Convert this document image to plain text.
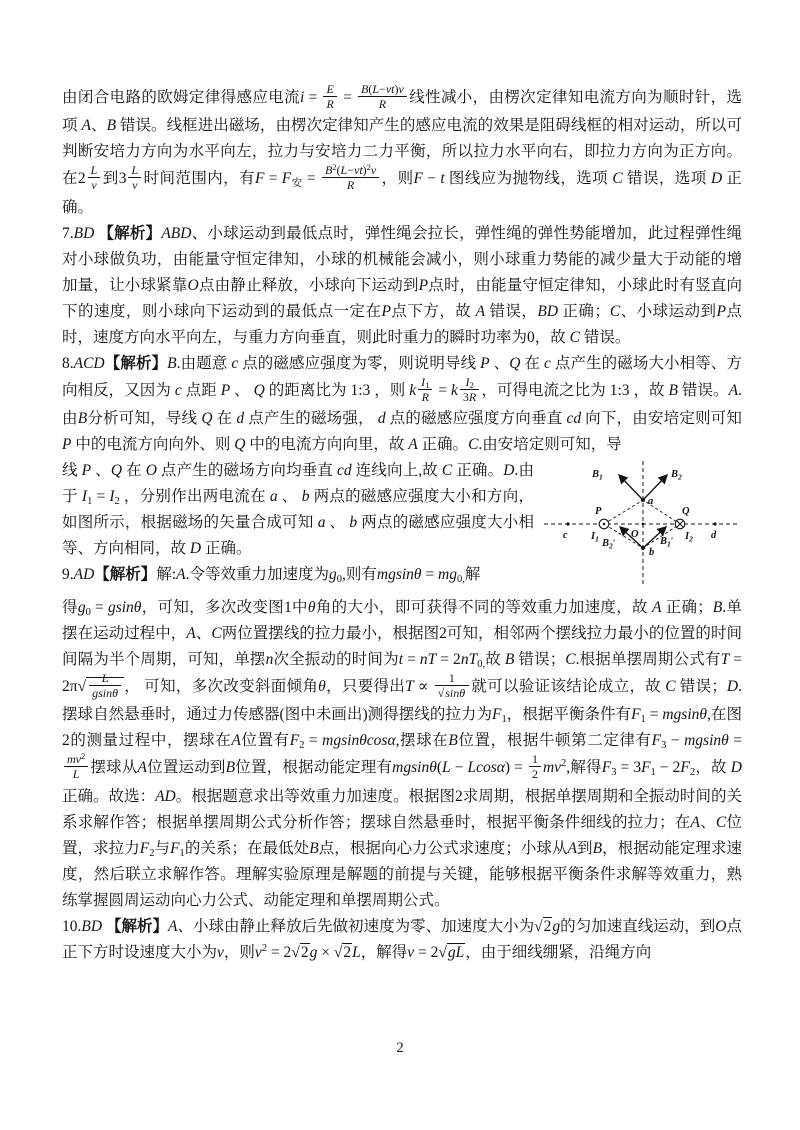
由闭合电路的欧姆定律得感应电流$i = \frac{E}{R} = \frac{B(L-vt)v}{R}$ 线性减小，由楞次定律知电流方向为顺时针，选项 A、B 错误。线框进出磁场，由楞次定律知产生的感应电流的效果是阻碍线框的相对运动，所以可判断安培力方向为水平向左，拉力与安培力二力平衡，所以拉力水平向右，即拉力方向为正方向。在$2 \frac{L}{v}$ 到$3 \frac{L}{v}$ 时间范围内，有$F = F_安 = \frac{B^2(L-vt)^2v}{R}$ ，则F − t 图线应为抛物线，选项 C 错误，选项 D 正确。

7.BD 【解析】ABD、小球运动到最低点时，弹性绳会拉长，弹性绳的弹性势能增加，此过程弹性绳对小球做负功，由能量守恒定律知，小球的机械能会减小，则小球重力势能的减少量大于动能的增加量，让小球紧靠O点由静止释放，小球向下运动到P点时，由能量守恒定律知，小球此时有竖直向下的速度，则小球向下运动到的最低点一定在P点下方，故 A 错误，BD 正确；C、小球运动到P点时，速度方向水平向左，与重力方向垂直，则此时重力的瞬时功率为0，故 C 错误。

8.ACD【解析】B.由题意 c 点的磁感应强度为零，则说明导线 P 、Q 在 c 点产生的磁场大小相等、方向相反，又因为 c 点距 P 、 Q 的距离比为 1:3 ，则 k $\frac{I_1}{R} = k \frac{I_2}{3R}$ ，可得电流之比为 1:3 ，故 B 错误。A.由B分析可知，导线 Q 在 d 点产生的磁场强， d 点的磁感应强度方向垂直 cd 向下，由安培定则可知 P 中的电流方向向外、则 Q 中的电流方向向里，故 A 正确。C.由安培定则可知，导

线 P 、Q 在 O 点产生的磁场方向均垂直 cd 连线向上,故 C 正确。D.由于 $I_1 = I_2$ ，分别作出两电流在 a 、 b 两点的磁感应强度大小和方向，如图所示，根据磁场的矢量合成可知 a 、 b 两点的磁感应强度大小相等、方向相同，故 D 正确。

9.AD【解析】解:A.令等效重力加速度为$g_0$,则有$mgsin\theta = mg_{0,}$解

$B_1$	$B_2$
a
b
O
P	Q
c	d
$I_1$	$I_2$
$B_2'$	$B_1'$

得$g_0 = gsin\theta$，可知，多次改变图1中θ角的大小，即可获得不同的等效重力加速度，故 A 正确；B.单摆在运动过程中，A、C两位置摆线的拉力最小，根据图2可知，相邻两个摆线拉力最小的位置的时间间隔为半个周期，可知，单摆n次全振动的时间为t = nT = $2nT_{0,}$故 B 错误；C.根据单摆周期公式有$T = 2\pi√ \frac{L}{gsin\theta}$ ， 可知，多次改变斜面倾角θ，只要得出$T \propto \frac{1}{√\sin\theta}$ 就可以验证该结论成立，故 C 错误；D.摆球自然悬垂时，通过力传感器(图中未画出)测得摆线的拉力为$F_1$，根据平衡条件有$F_1 = mgsin\theta$,在图2的测量过程中，摆球在A位置有$F_2 = mgsin\theta\cos\alpha$,摆球在B位置，根据牛顿第二定律有$F_3 - mgsin\theta$ =
$\frac{mv^2}{L}$ 摆球从A位置运动到B位置，根据动能定理有$mgsin\theta(L - Lcos\alpha) = \frac{1}{2} mv^2$,解得$F_3 = 3F_1 - 2F_2$，故 D 正确。故选：AD。根据题意求出等效重力加速度。根据图2求周期，根据单摆周期和全振动时间的关系求解作答；根据单摆周期公式分析作答；摆球自然悬垂时，根据平衡条件细线的拉力；在A、C位置，求拉力$F_2$与$F_1$的关系；在最低处B点，根据向心力公式求速度；小球从A到B，根据动能定理求速度，然后联立求解作答。理解实验原理是解题的前提与关键，能够根据平衡条件求解等效重力，熟练掌握圆周运动向心力公式、动能定理和单摆周期公式。

10.BD 【解析】A、小球由静止释放后先做初速度为零、加速度大小为√2g的匀加速直线运动，到O点正下方时设速度大小为v，则$v^2 = 2√2g \times √2L$，解得v = 2√gL，由于细线绷紧，沿绳方向

2
